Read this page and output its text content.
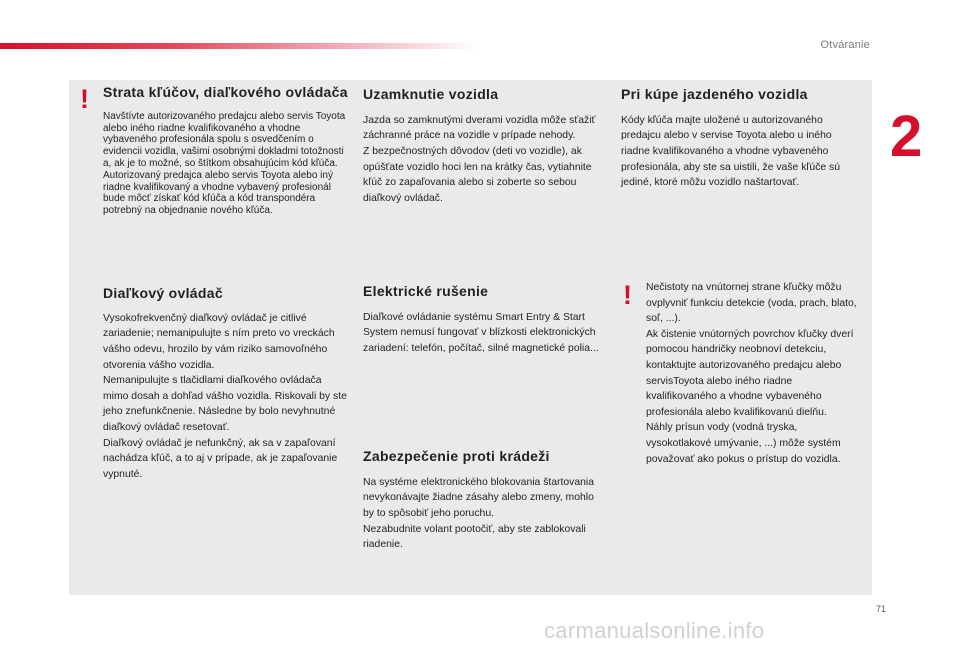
Otváranie
2
! Strata kľúčov, diaľkového ovládača

Navštívte autorizovaného predajcu alebo servis Toyota alebo iného riadne kvalifikovaného a vhodne vybaveného profesionála spolu s osvedčením o evidencii vozidla, vašimi osobnými dokladmi totožnosti a, ak je to možné, so štítkom obsahujúcim kód kľúča.
Autorizovaný predajca alebo servis Toyota alebo iný riadne kvalifikovaný a vhodne vybavený profesionál bude môcť získať kód kľúča a kód transpondéra potrebný na objednanie nového kľúča.

Diaľkový ovládač

Vysokofrekvenčný diaľkový ovládač je citlivé zariadenie; nemanipulujte s ním preto vo vreckách vášho odevu, hrozilo by vám riziko samovoľného otvorenia vášho vozidla.
Nemanipulujte s tlačidlami diaľkového ovládača mimo dosah a dohľad vášho vozidla. Riskovali by ste jeho znefunkčnenie. Následne by bolo nevyhnutné diaľkový ovládač resetovať.
Diaľkový ovládač je nefunkčný, ak sa v zapaľovaní nachádza kľúč, a to aj v prípade, ak je zapaľovanie vypnuté.

Uzamknutie vozidla

Jazda so zamknutými dverami vozidla môže sťažiť záchranné práce na vozidle v prípade nehody.
Z bezpečnostných dôvodov (deti vo vozidle), ak opúšťate vozidlo hoci len na krátky čas, vytiahnite kľúč zo zapaľovania alebo si zoberte so sebou diaľkový ovládač.

Elektrické rušenie

Diaľkové ovládanie systému Smart Entry & Start System nemusí fungovať v blízkosti elektronických zariadení: telefón, počítač, silné magnetické polia...

Zabezpečenie proti krádeži

Na systéme elektronického blokovania štartovania nevykonávajte žiadne zásahy alebo zmeny, mohlo by to spôsobiť jeho poruchu.
Nezabudnite volant pootočiť, aby ste zablokovali riadenie.

Pri kúpe jazdeného vozidla

Kódy kľúča majte uložené u autorizovaného predajcu alebo v servise Toyota alebo u iného riadne kvalifikovaného a vhodne vybaveného profesionála, aby ste sa uistili, že vaše kľúče sú jediné, ktoré môžu vozidlo naštartovať.

! Nečistoty na vnútornej strane kľučky môžu ovplyvniť funkciu detekcie (voda, prach, blato, soľ, ...).
Ak čistenie vnútorných povrchov kľučky dverí pomocou handričky neobnoví detekciu, kontaktujte autorizovaného predajcu alebo servisToyota alebo iného riadne kvalifikovaného a vhodne vybaveného profesionála alebo kvalifikovanú dielňu.
Náhly prísun vody (vodná tryska, vysokotlakové umývanie, ...) môže systém považovať ako pokus o prístup do vozidla.

71
carmanualsonline.info
